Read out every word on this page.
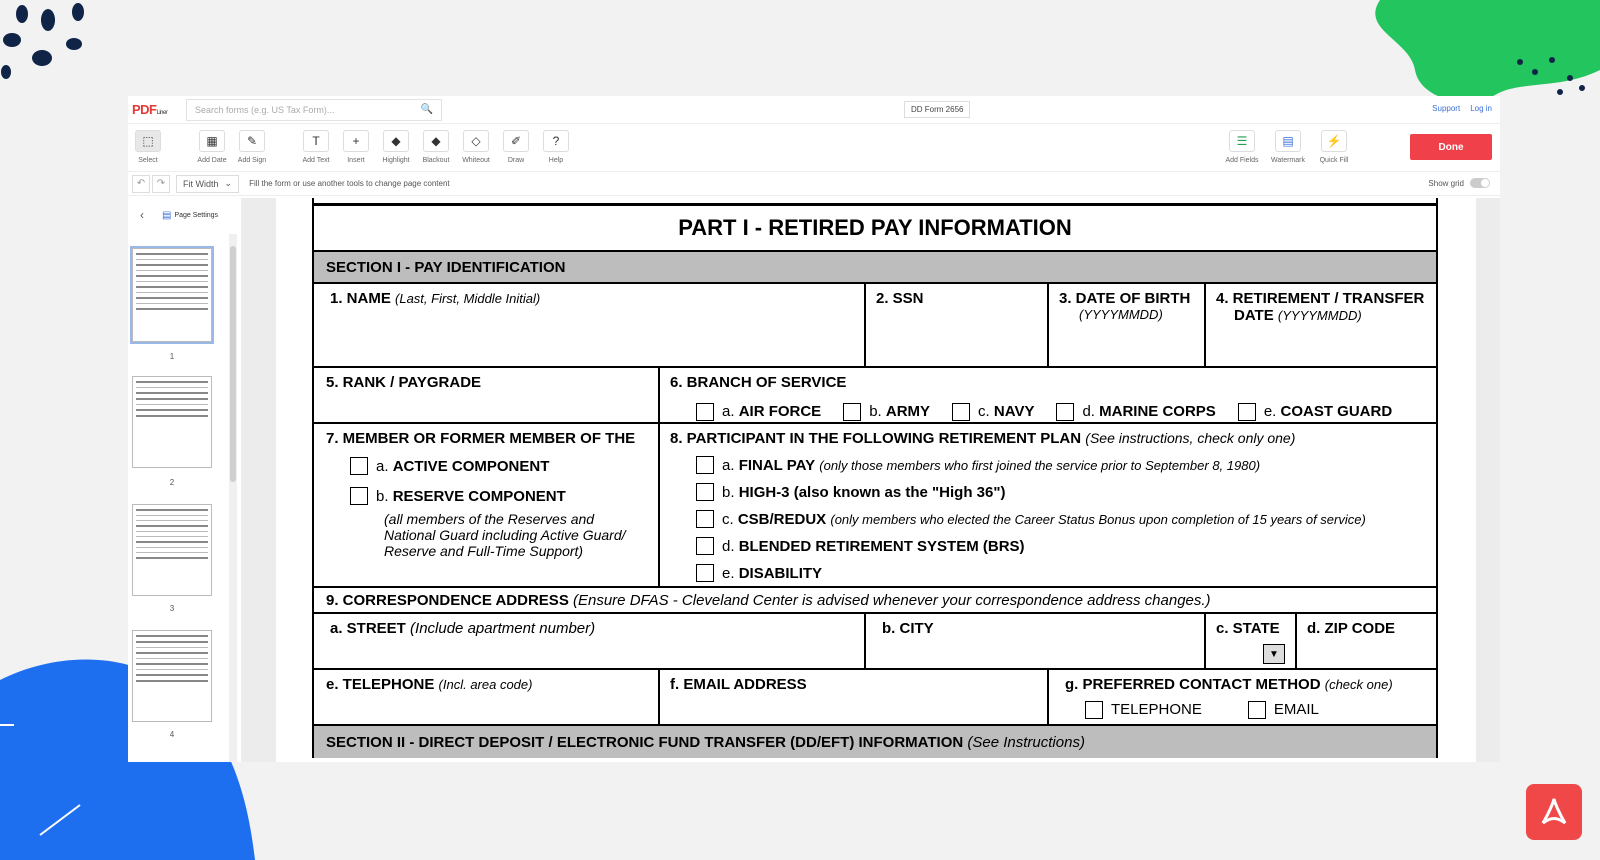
PDFLiner	Search forms (e.g. US Tax Form)...	🔍	DD Form 2656	Support Log in
⬚
Select
▦
Add Date
✎
Add Sign
T
Add Text
+
Insert
◆
Highlight
◆
Blackout
◇
Whiteout
✐
Draw
?
Help
☰
Add Fields
▤
Watermark
⚡
Quick Fill
Done
↶	↷	Fit Width ⌄ Fill the form or use another tools to change page content	Show grid
‹	▤ Page Settings
1
2
3
4
PART I - RETIRED PAY INFORMATION
SECTION I - PAY IDENTIFICATION
1. NAME (Last, First, Middle Initial)	2. SSN	3. DATE OF BIRTH
(YYYYMMDD)
4. RETIREMENT / TRANSFER
DATE (YYYYMMDD)
5. RANK / PAYGRADE	6. BRANCH OF SERVICE
a. AIR FORCE	b. ARMY	c. NAVY	d. MARINE CORPS	e. COAST GUARD
7. MEMBER OR FORMER MEMBER OF THE
a.
ACTIVE COMPONENT
b.
RESERVE COMPONENT
(all members of the Reserves and National Guard including Active Guard/ Reserve and Full-Time Support)
8. PARTICIPANT IN THE FOLLOWING RETIREMENT PLAN (See instructions, check only one)
a.
FINAL PAY
(only those members who first joined the service prior to September 8, 1980)
b.
HIGH-3 (also known as the "High 36")
c.
CSB/REDUX
(only members who elected the Career Status Bonus upon completion of 15 years of service)
d.
BLENDED RETIREMENT SYSTEM (BRS)
e.
DISABILITY
9. CORRESPONDENCE ADDRESS
(Ensure DFAS - Cleveland Center is advised whenever your correspondence address changes.)
a. STREET (Include apartment number)	b. CITY	c. STATE
▼
d. ZIP CODE
e. TELEPHONE (Incl. area code)	f. EMAIL ADDRESS	g. PREFERRED CONTACT METHOD (check one)
TELEPHONE	EMAIL
SECTION II - DIRECT DEPOSIT / ELECTRONIC FUND TRANSFER (DD/EFT) INFORMATION
(See Instructions)
